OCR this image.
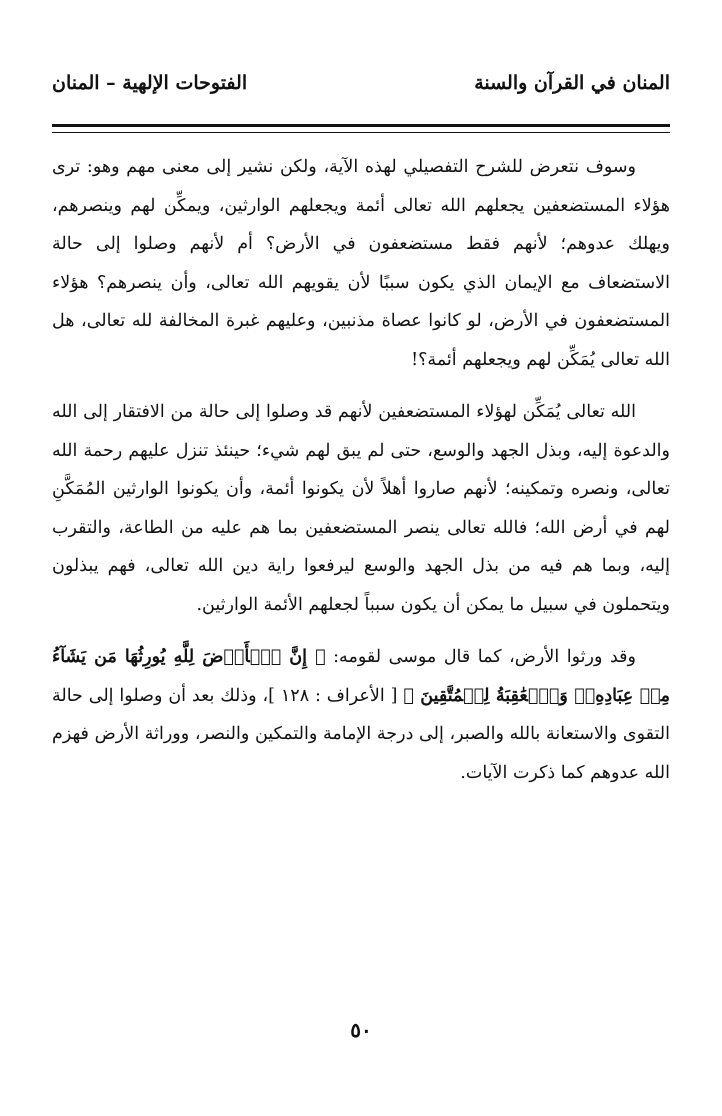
المنان في القرآن والسنة
الفتوحات الإلهية – المنان

وسوف نتعرض للشرح التفصيلي لهذه الآية، ولكن نشير إلى معنى مهم وهو: ترى هؤلاء المستضعفين يجعلهم الله تعالى أئمة ويجعلهم الوارثين، ويمكِّن لهم وينصرهم، ويهلك عدوهم؛ لأنهم فقط مستضعفون في الأرض؟ أم لأنهم وصلوا إلى حالة الاستضعاف مع الإيمان الذي يكون سببًا لأن يقويهم الله تعالى، وأن ينصرهم؟ هؤلاء المستضعفون في الأرض، لو كانوا عصاة مذنبين، وعليهم غبرة المخالفة لله تعالى، هل الله تعالى يُمَكِّن لهم ويجعلهم أئمة؟!

الله تعالى يُمَكِّن لهؤلاء المستضعفين لأنهم قد وصلوا إلى حالة من الافتقار إلى الله والدعوة إليه، وبذل الجهد والوسع، حتى لم يبق لهم شيء؛ حينئذ تنزل عليهم رحمة الله تعالى، ونصره وتمكينه؛ لأنهم صاروا أهلاً لأن يكونوا أئمة، وأن يكونوا الوارثين المُمَكَّنِ لهم في أرض الله؛ فالله تعالى ينصر المستضعفين بما هم عليه من الطاعة، والتقرب إليه، وبما هم فيه من بذل الجهد والوسع ليرفعوا راية دين الله تعالى، فهم يبذلون ويتحملون في سبيل ما يمكن أن يكون سبباً لجعلهم الأئمة الوارثين.

وقد ورثوا الأرض، كما قال موسى لقومه: ﴿ إِنَّ ٱلۡأَرۡضَ لِلَّهِ يُورِثُهَا مَن يَشَآءُ مِنۡ عِبَادِهِۦۖ وَٱلۡعَٰقِبَةُ لِلۡمُتَّقِينَ ﴾ [ الأعراف : ١٢٨ ]، وذلك بعد أن وصلوا إلى حالة التقوى والاستعانة بالله والصبر، إلى درجة الإمامة والتمكين والنصر، ووراثة الأرض فهزم الله عدوهم كما ذكرت الآيات.

٥٠
